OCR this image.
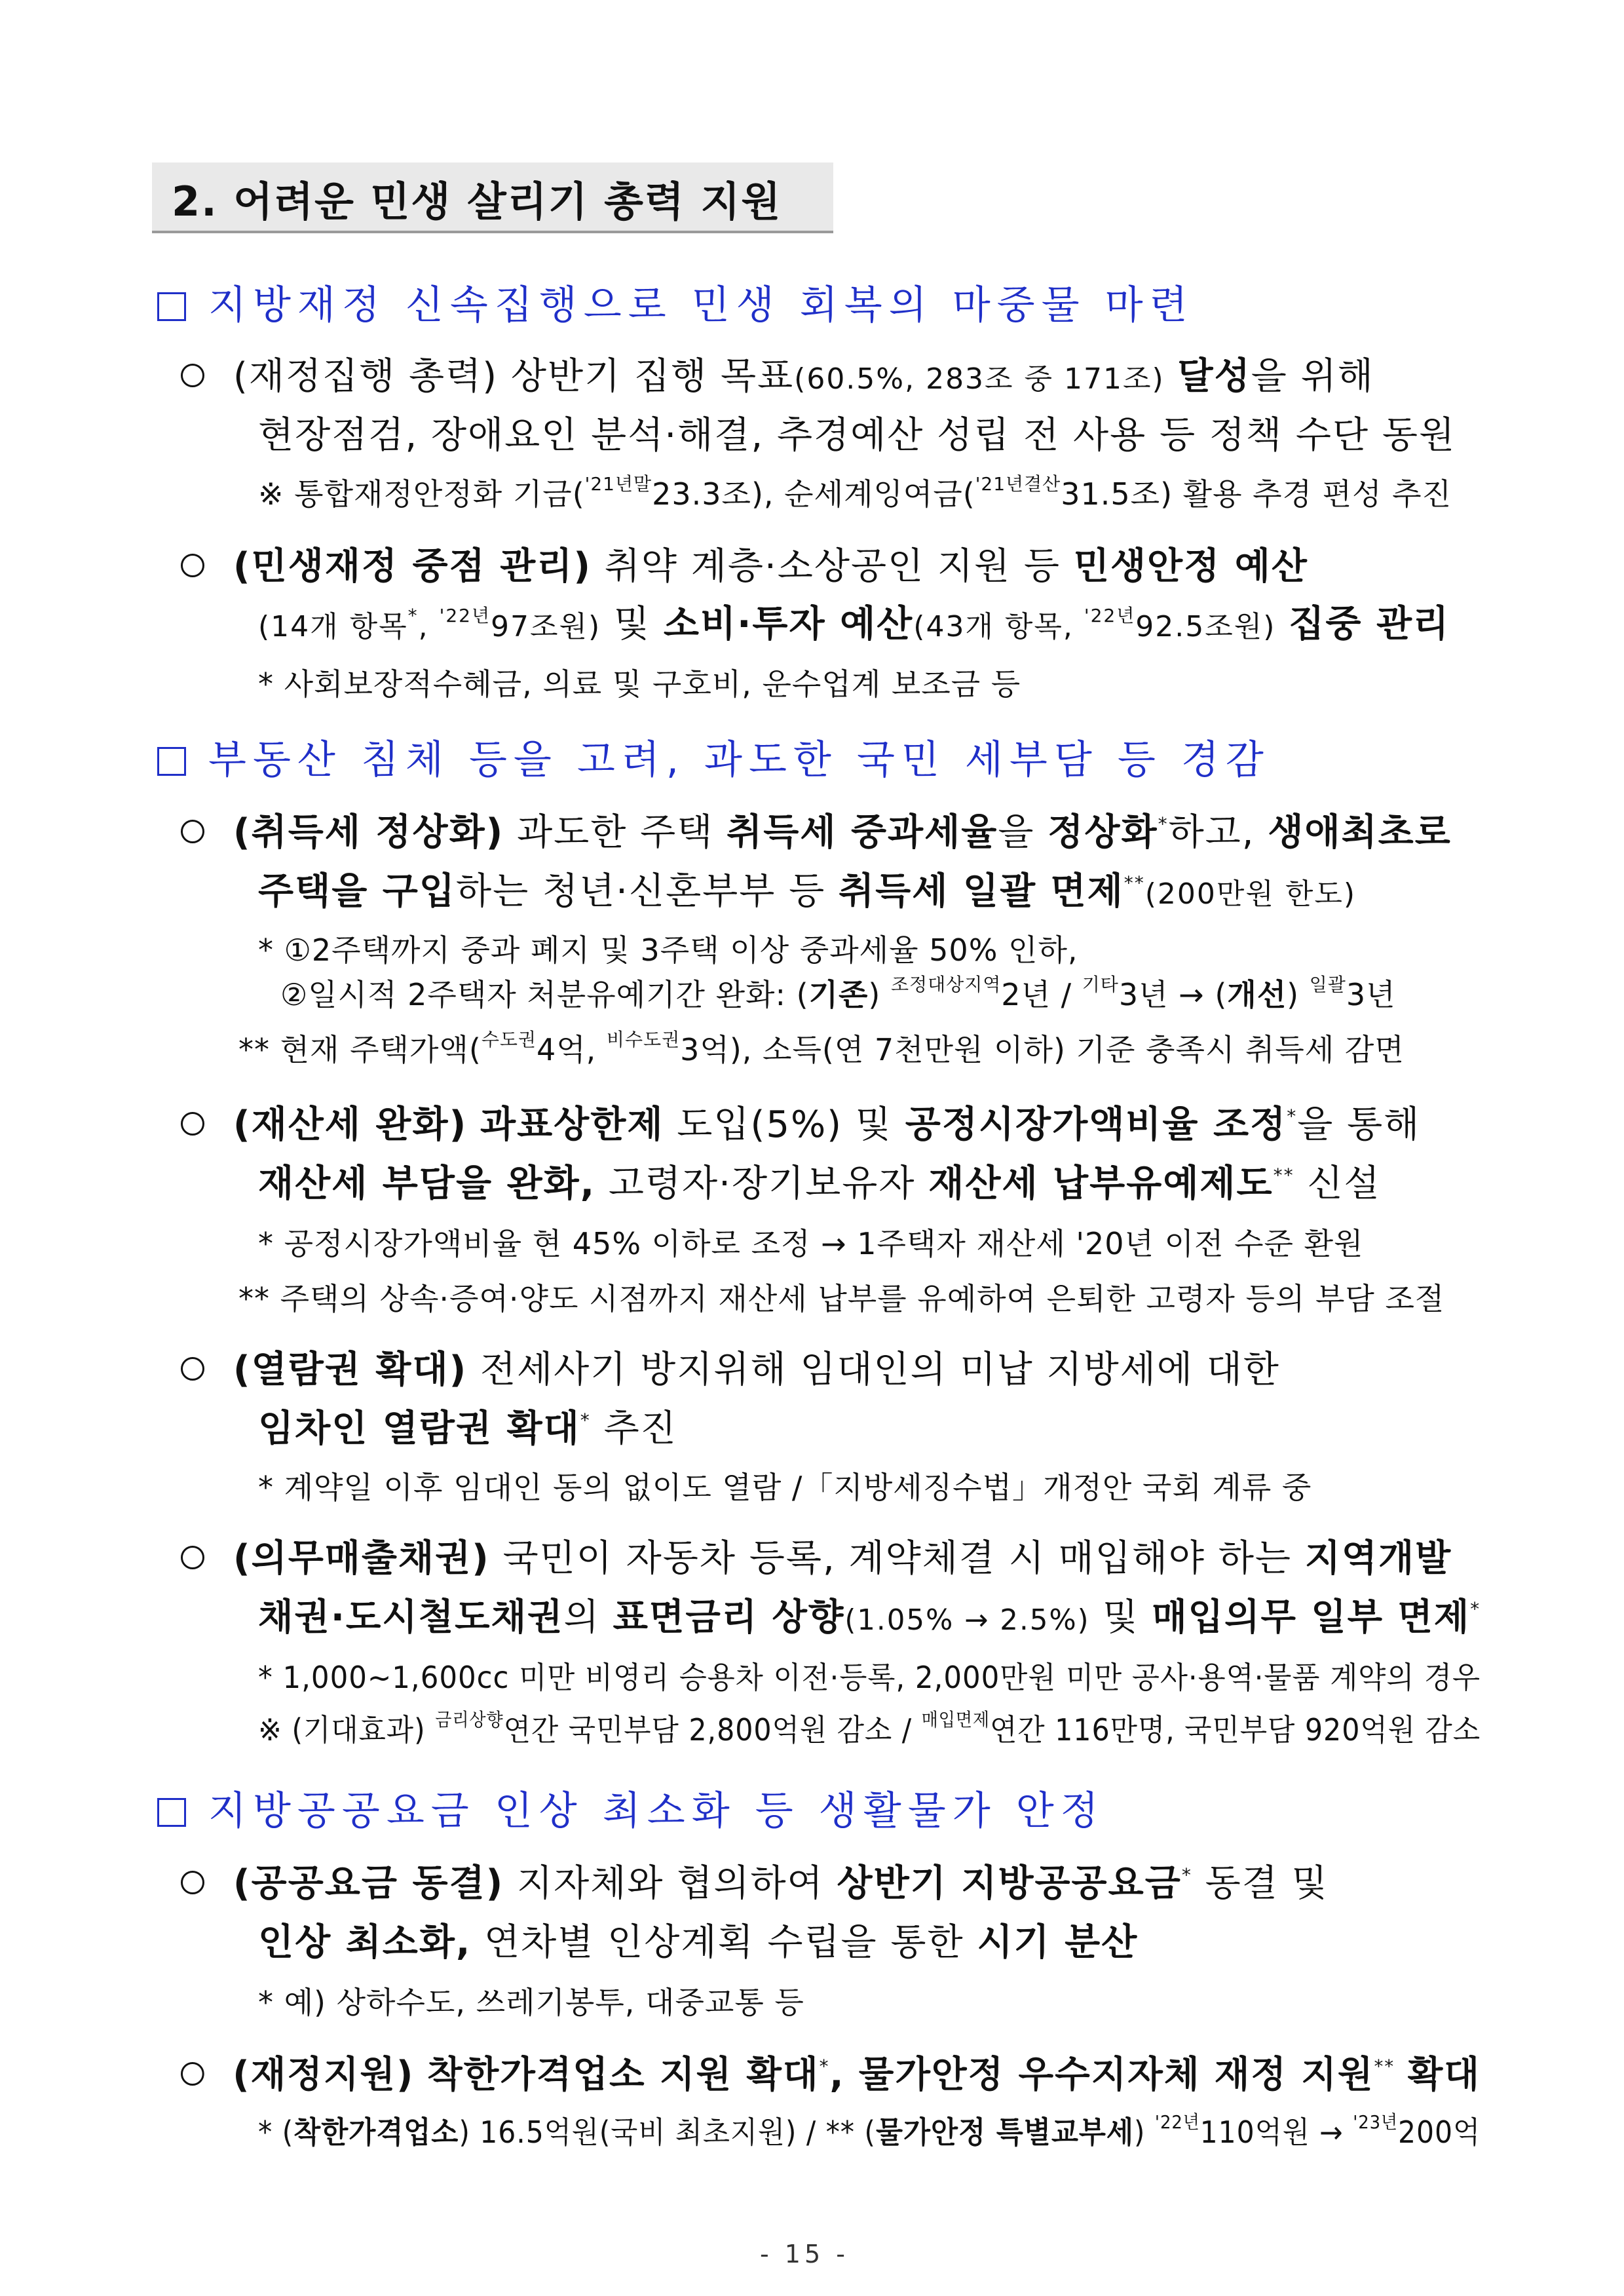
2. 어려운 민생 살리기 총력 지원
지방재정 신속집행으로 민생 회복의 마중물 마련
(재정집행 총력) 상반기 집행 목표(60.5%, 283조 중 171조) 달성을 위해
현장점검, 장애요인 분석·해결, 추경예산 성립 전 사용 등 정책 수단 동원
※ 통합재정안정화 기금($^{'21년말}$23.3조), 순세계잉여금($^{'21년결산}$31.5조) 활용 추경 편성 추진
(민생재정 중점 관리) 취약 계층·소상공인 지원 등 민생안정 예산
(14개 항목*, $^{'22년}$97조원) 및 소비·투자 예산(43개 항목, $^{'22년}$92.5조원) 집중 관리
* 사회보장적수혜금, 의료 및 구호비, 운수업계 보조금 등
부동산 침체 등을 고려, 과도한 국민 세부담 등 경감
(취득세 정상화) 과도한 주택 취득세 중과세율을 정상화*하고, 생애최초로
주택을 구입하는 청년·신혼부부 등 취득세 일괄 면제**(200만원 한도)
* ①2주택까지 중과 폐지 및 3주택 이상 중과세율 50% 인하,
②일시적 2주택자 처분유예기간 완화: (기존) $^{조정대상지역}$2년 / $^{기타}$3년 → (개선) $^{일괄}$3년
** 현재 주택가액($^{수도권}$4억, $^{비수도권}$3억), 소득(연 7천만원 이하) 기준 충족시 취득세 감면
(재산세 완화) 과표상한제 도입(5%) 및 공정시장가액비율 조정*을 통해
재산세 부담을 완화, 고령자·장기보유자 재산세 납부유예제도** 신설
* 공정시장가액비율 현 45% 이하로 조정 → 1주택자 재산세 '20년 이전 수준 환원
** 주택의 상속·증여·양도 시점까지 재산세 납부를 유예하여 은퇴한 고령자 등의 부담 조절
(열람권 확대) 전세사기 방지위해 임대인의 미납 지방세에 대한
임차인 열람권 확대* 추진
* 계약일 이후 임대인 동의 없이도 열람 /「지방세징수법」개정안 국회 계류 중
(의무매출채권) 국민이 자동차 등록, 계약체결 시 매입해야 하는 지역개발
채권·도시철도채권의 표면금리 상향(1.05% → 2.5%) 및 매입의무 일부 면제*
* 1,000~1,600cc 미만 비영리 승용차 이전·등록, 2,000만원 미만 공사·용역·물품 계약의 경우
※ (기대효과) $^{금리상향}$연간 국민부담 2,800억원 감소 / $^{매입면제}$연간 116만명, 국민부담 920억원 감소
지방공공요금 인상 최소화 등 생활물가 안정
(공공요금 동결) 지자체와 협의하여 상반기 지방공공요금* 동결 및
인상 최소화, 연차별 인상계획 수립을 통한 시기 분산
* 예) 상하수도, 쓰레기봉투, 대중교통 등
(재정지원) 착한가격업소 지원 확대*, 물가안정 우수지자체 재정 지원** 확대
* (착한가격업소) 16.5억원(국비 최초지원) / ** (물가안정 특별교부세) $^{'22년}$110억원 → $^{'23년}$200억
- 15 -
